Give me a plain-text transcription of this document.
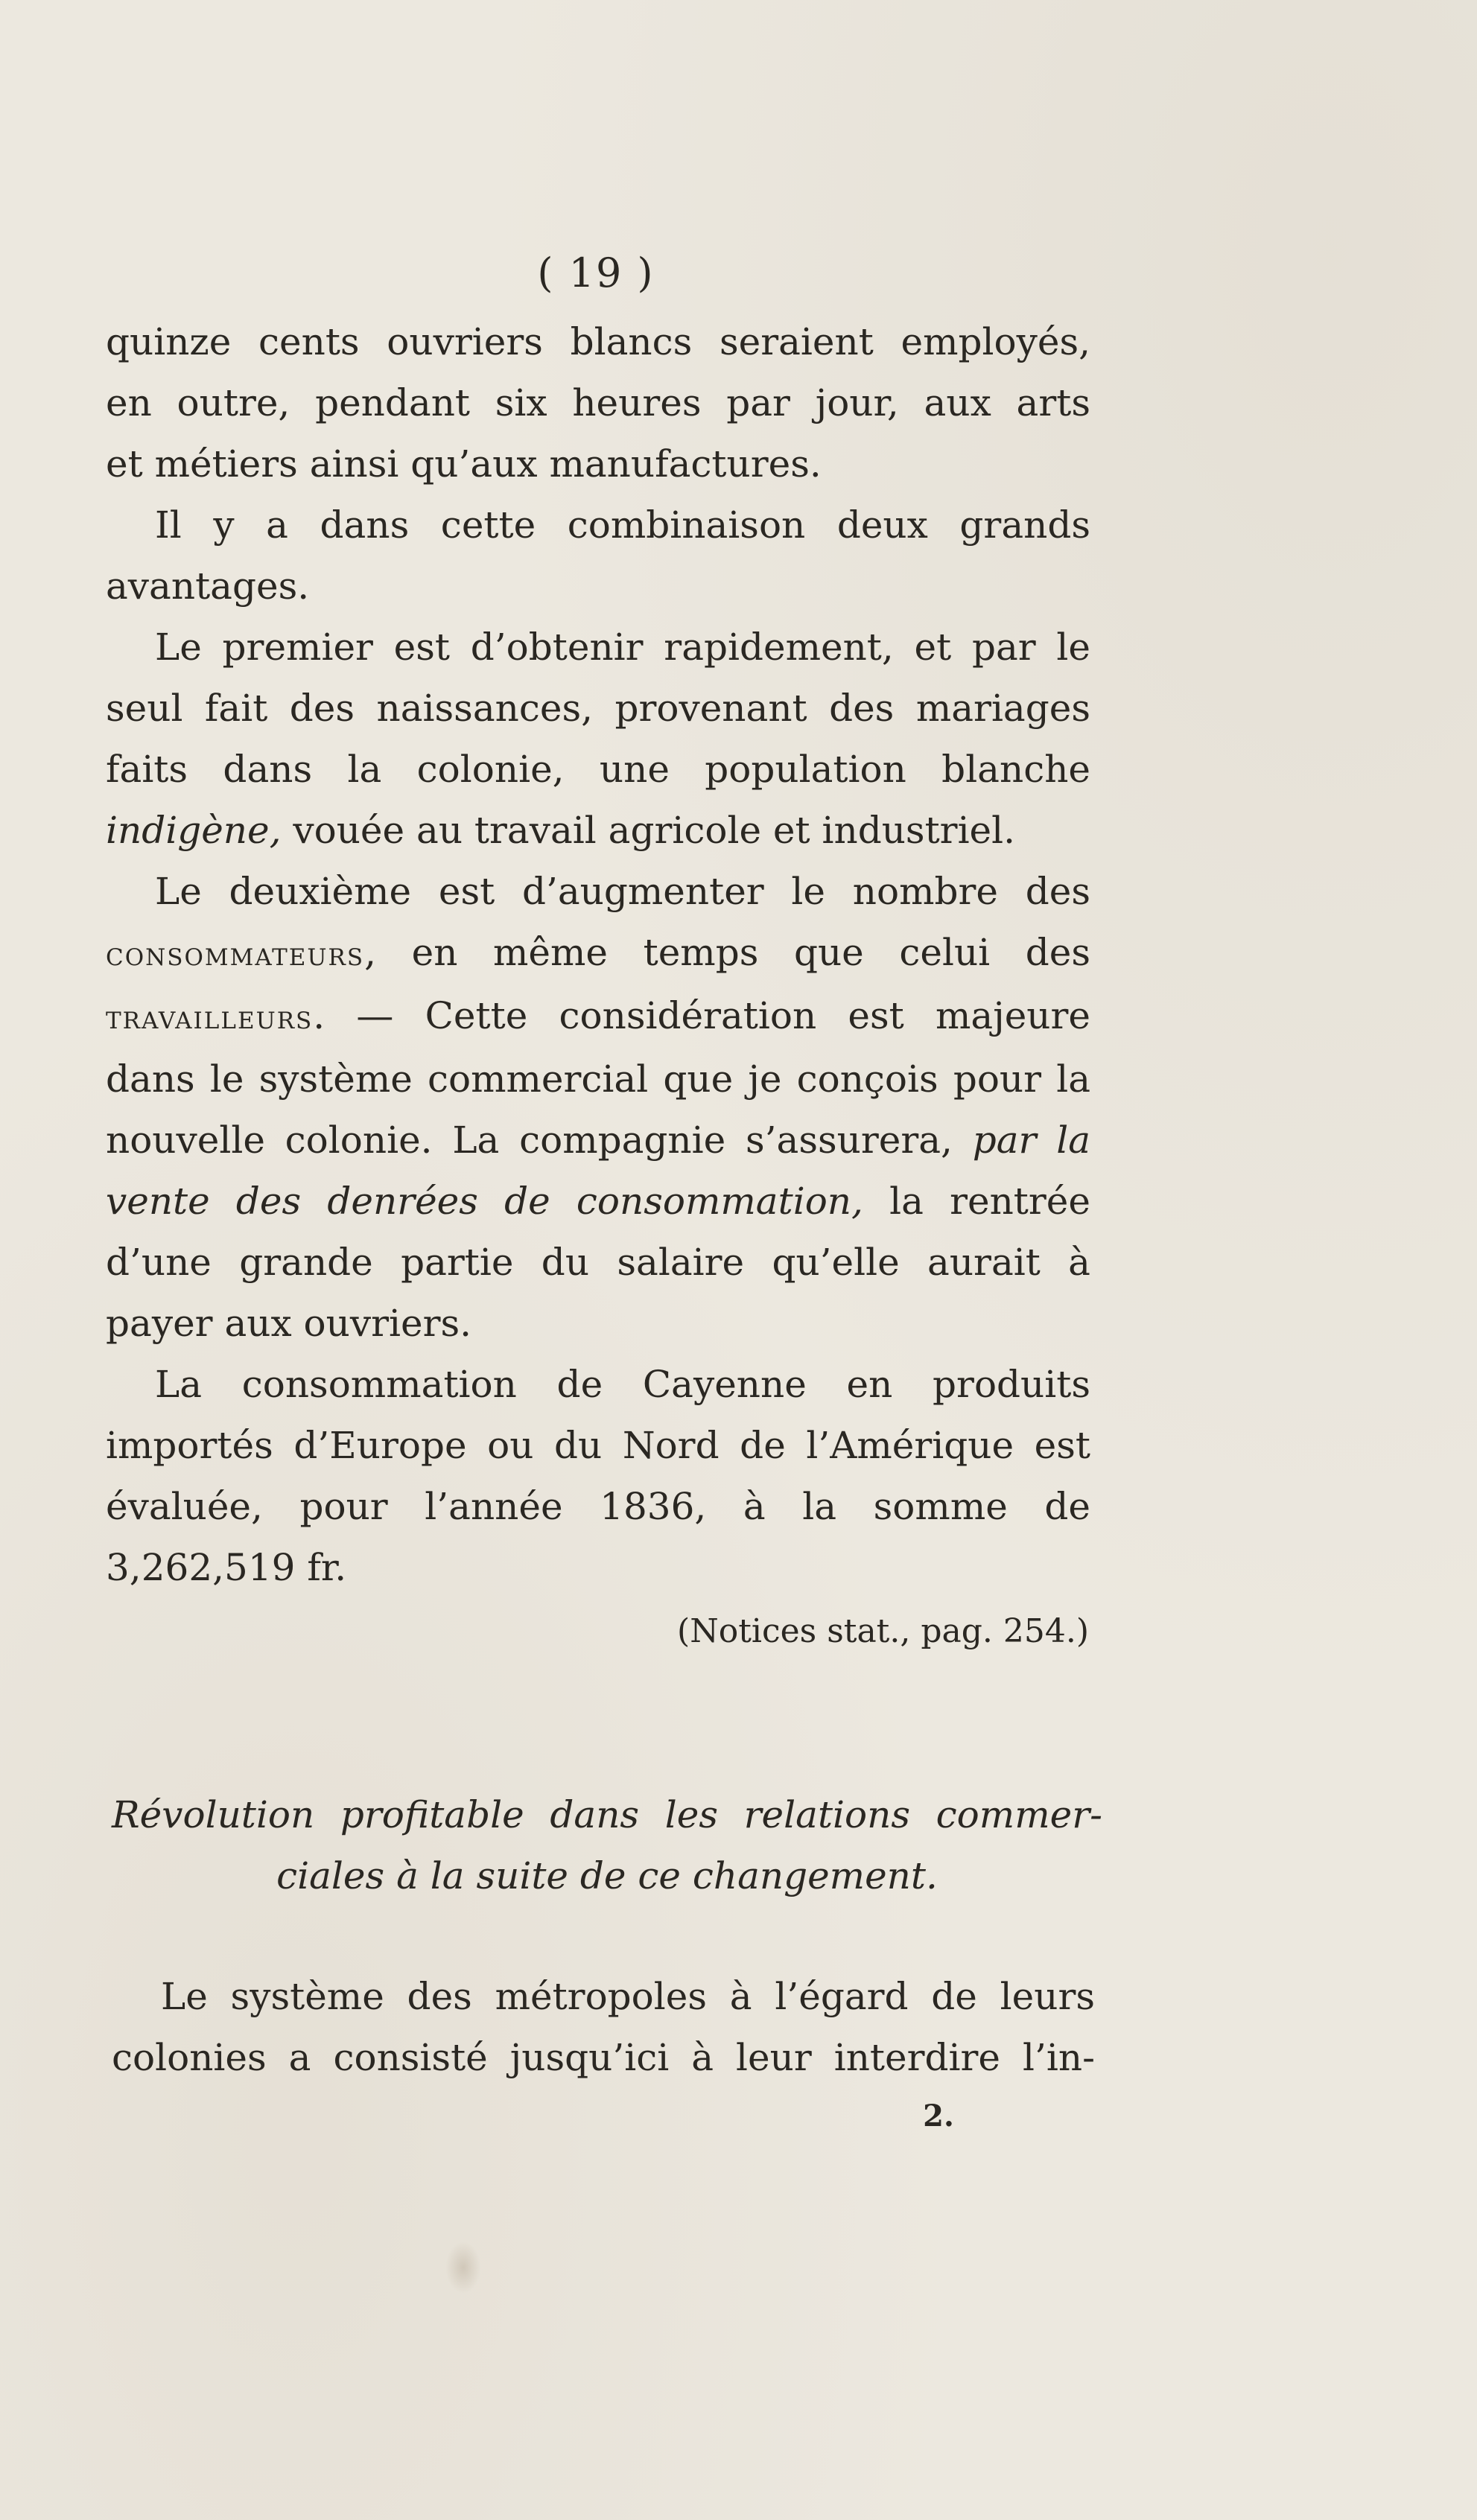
( 19 )

quinze cents ouvriers blancs seraient employés,

en outre, pendant six heures par jour, aux arts

et métiers ainsi qu’aux manufactures.

Il y a dans cette combinaison deux grands avantages.

Le premier est d’obtenir rapidement, et par le seul fait des naissances, provenant des mariages faits dans la colonie, une population blanche indigène, vouée au travail agricole et industriel.

Le deuxième est d’augmenter le nombre des consommateurs, en même temps que celui des travailleurs. — Cette considération est majeure dans le système commercial que je conçois pour la nouvelle colonie. La compagnie s’assurera, par la vente des denrées de consommation, la rentrée d’une grande partie du salaire qu’elle aurait à payer aux ouvriers.

La consommation de Cayenne en produits importés d’Europe ou du Nord de l’Amérique est évaluée, pour l’année 1836, à la somme de 3,262,519 fr.

(Notices stat., pag. 254.)

Révolution profitable dans les relations commer-
ciales à la suite de ce changement.

Le système des métropoles à l’égard de leurs colonies a consisté jusqu’ici à leur interdire l’in-

2.
